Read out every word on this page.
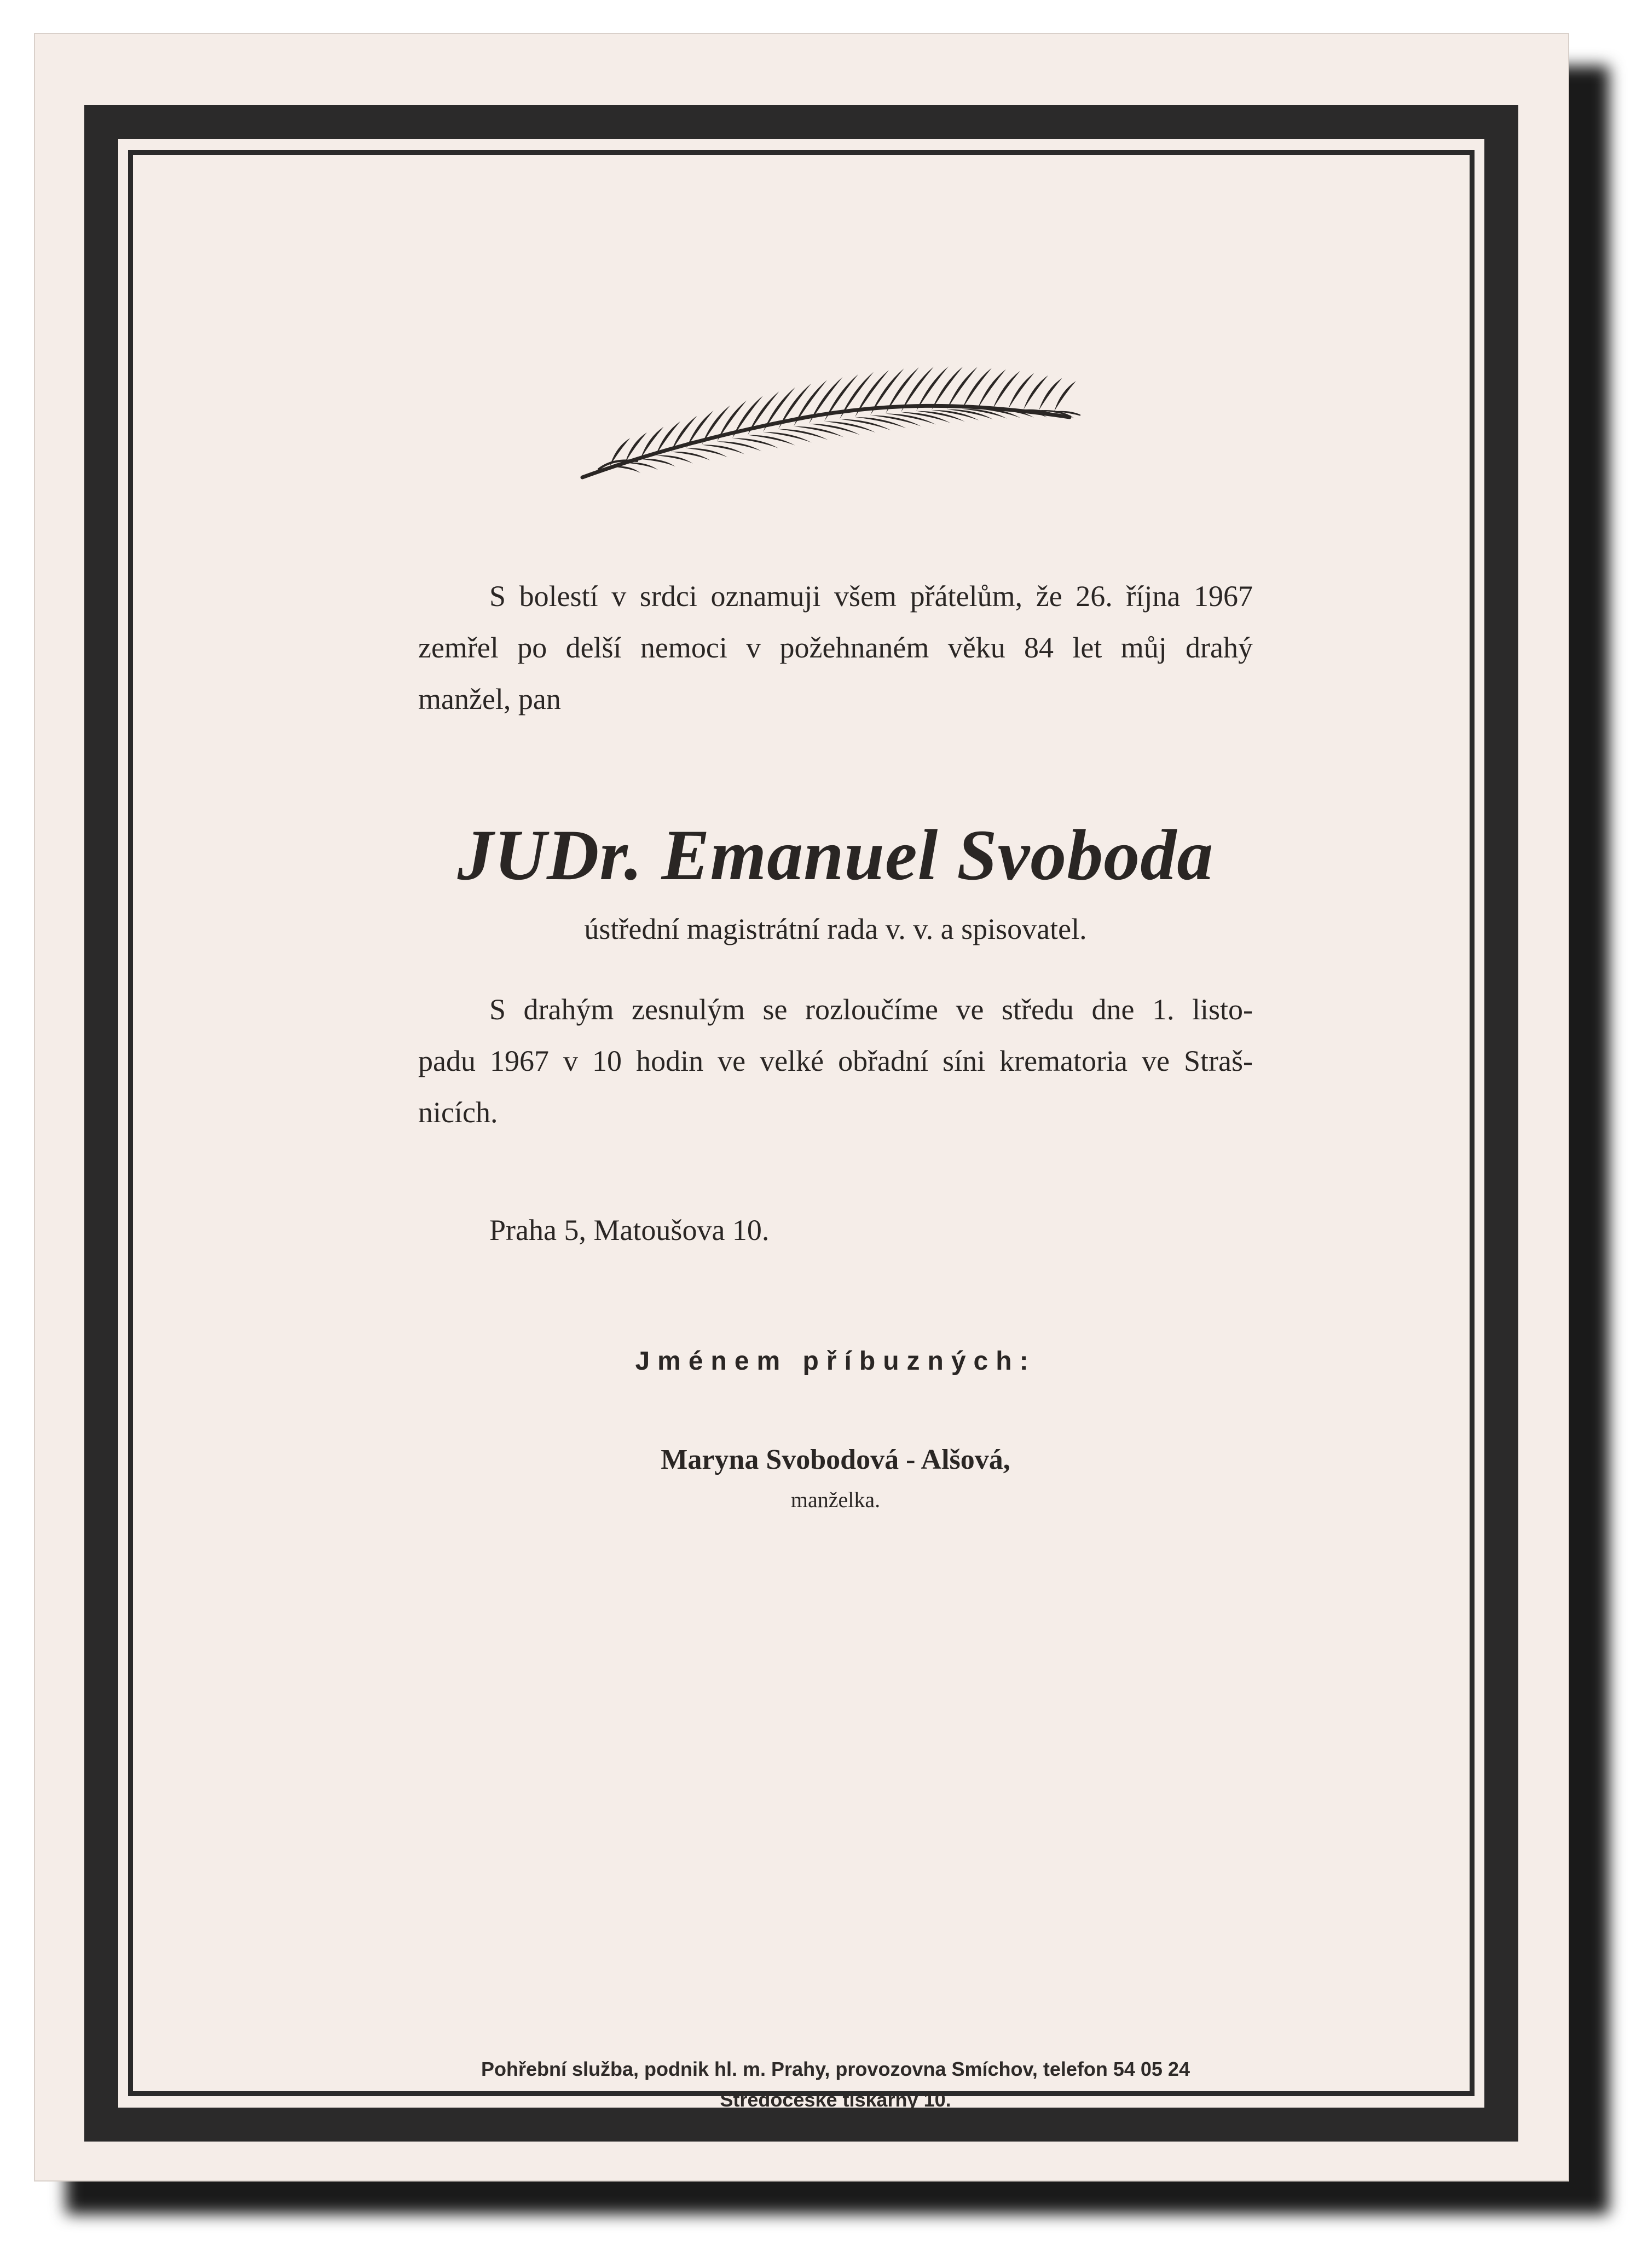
S bolestí v srdci oznamuji všem přátelům, že 26. října 1967
zemřel po delší nemoci v požehnaném věku 84 let můj drahý
manžel, pan
JUDr. Emanuel Svoboda
ústřední magistrátní rada v. v. a spisovatel.
S drahým zesnulým se rozloučíme ve středu dne 1. listo-
padu 1967 v 10 hodin ve velké obřadní síni krematoria ve Straš-
nicích.
Praha 5, Matoušova 10.
Jménem příbuzných:
Maryna Svobodová - Alšová,
manželka.
Pohřební služba, podnik hl. m. Prahy, provozovna Smíchov, telefon 54 05 24
Středočeské tiskárny 10.
